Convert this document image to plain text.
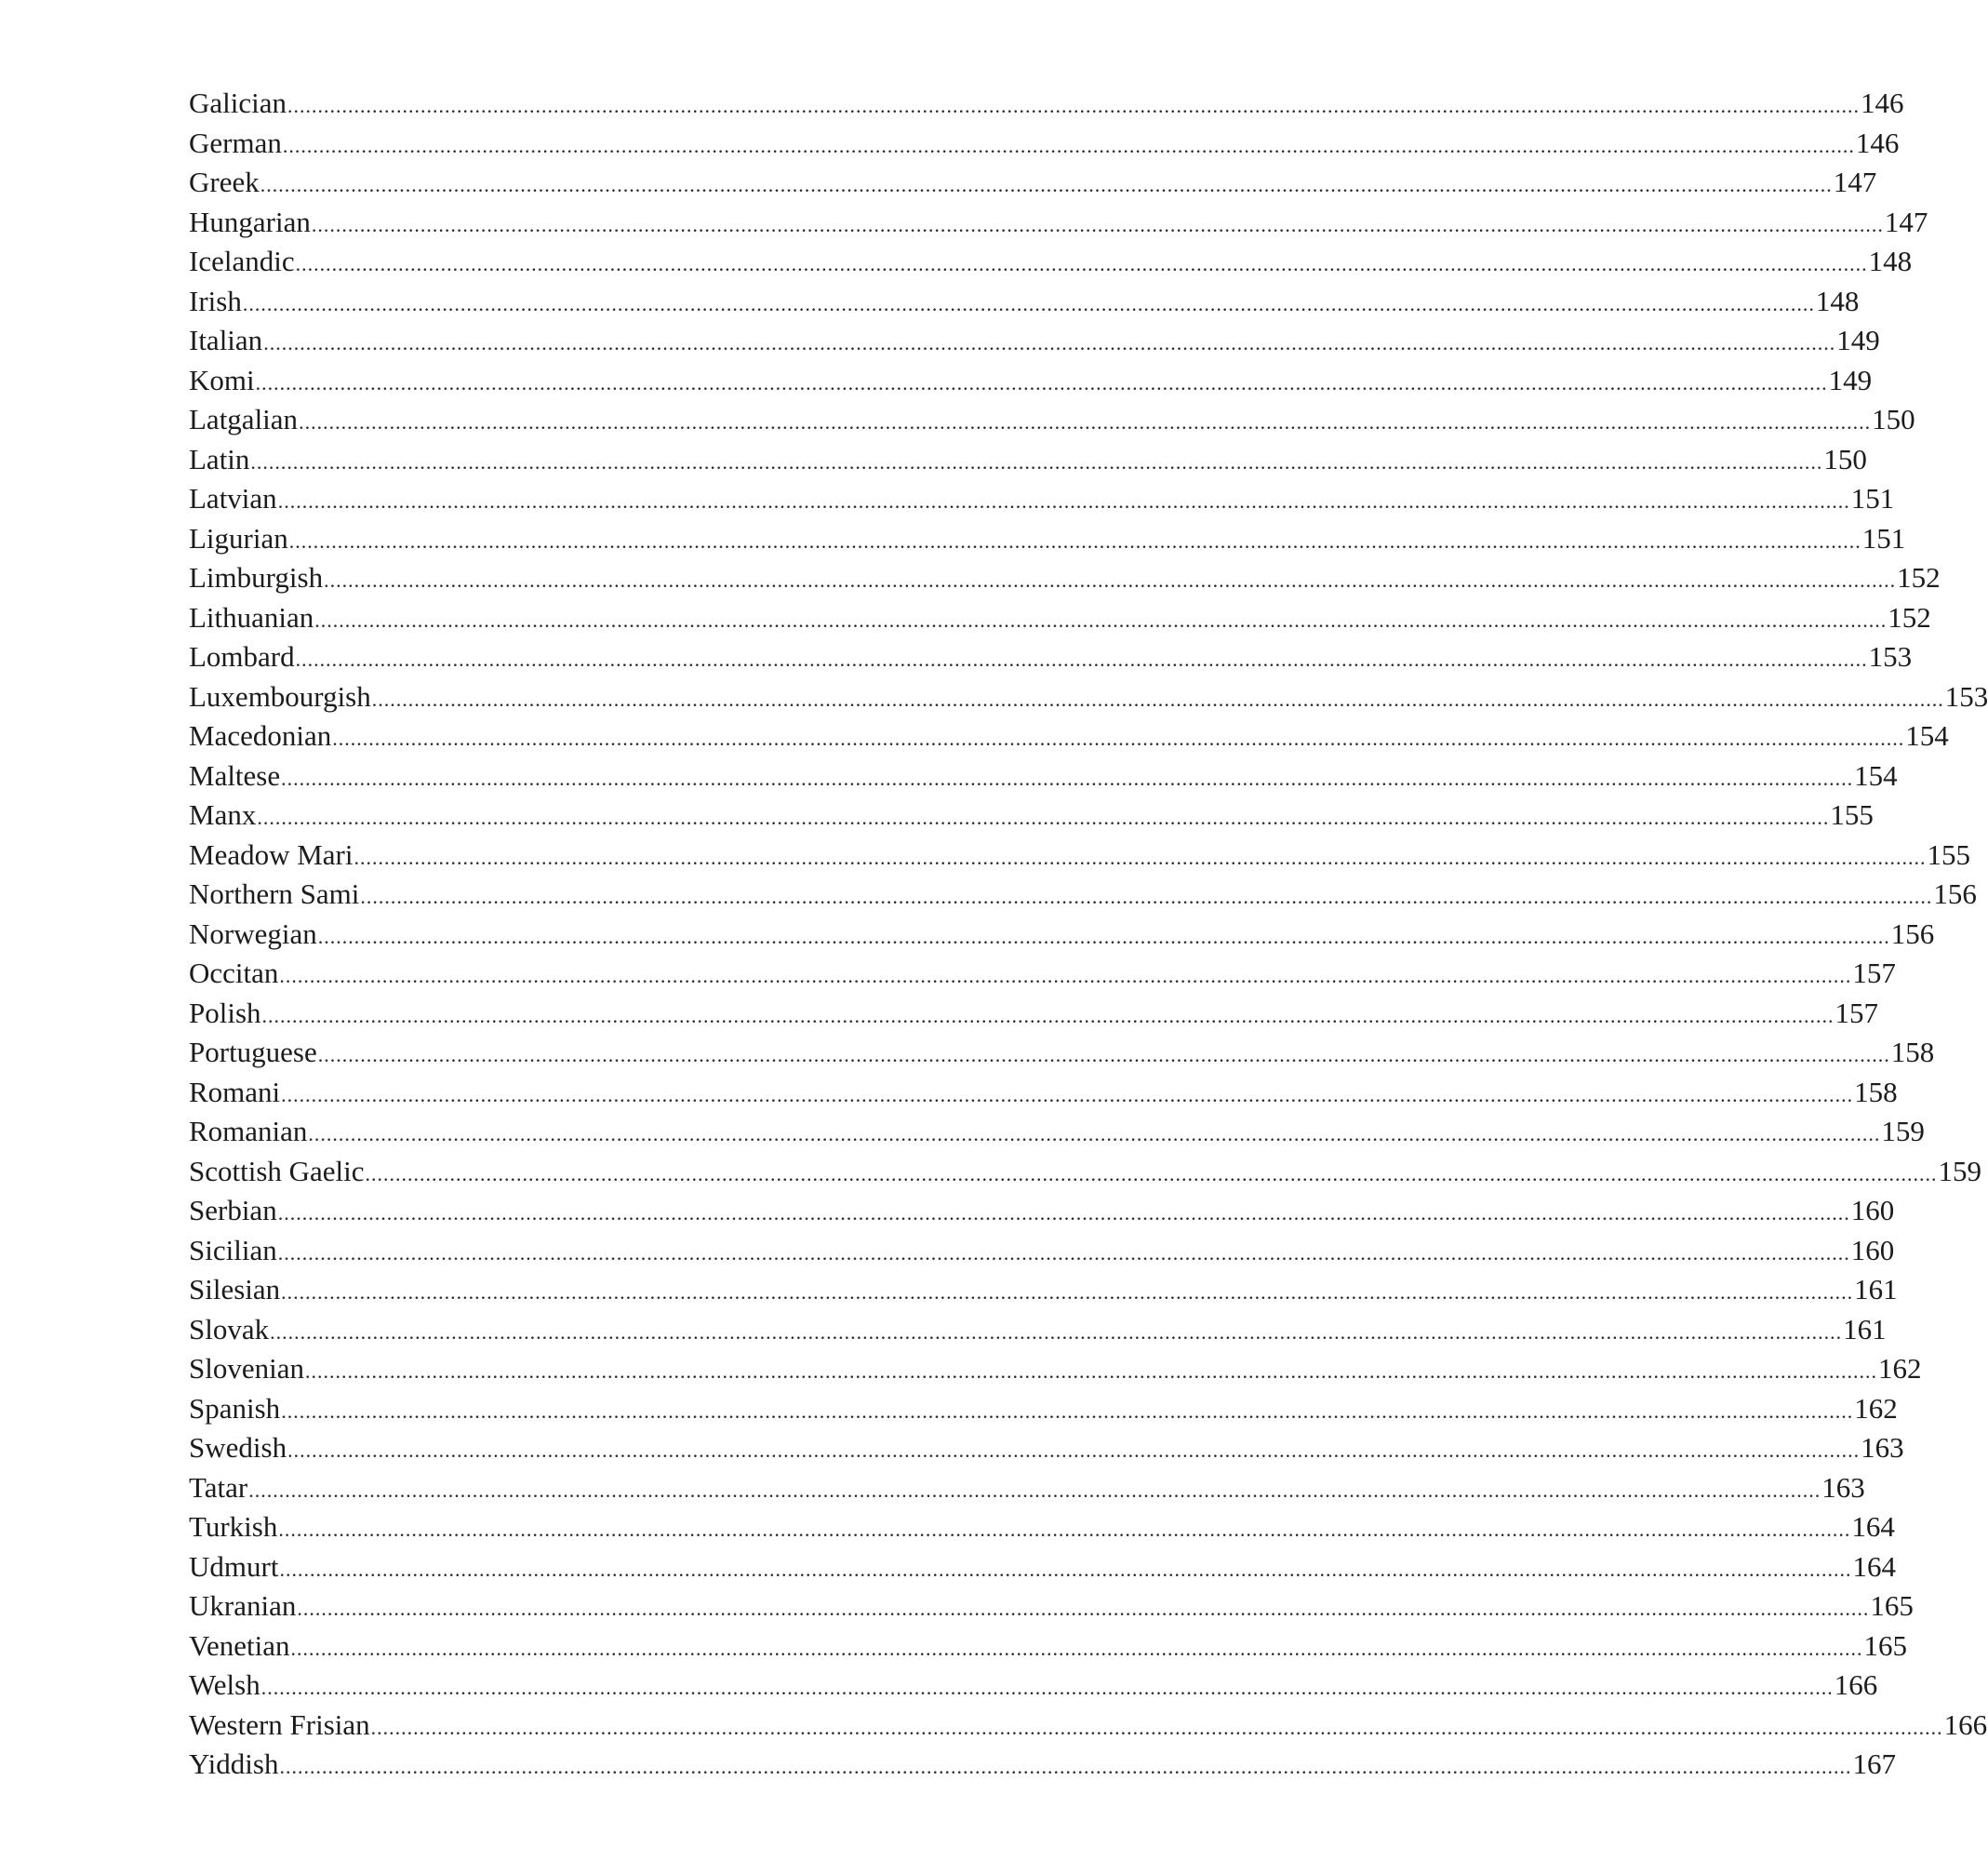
Galician .................................................................................................................................................................................................................................................................... 146
German .................................................................................................................................................................................................................................................................... 146
Greek .................................................................................................................................................................................................................................................................... 147
Hungarian .................................................................................................................................................................................................................................................................... 147
Icelandic .................................................................................................................................................................................................................................................................... 148
Irish .................................................................................................................................................................................................................................................................... 148
Italian .................................................................................................................................................................................................................................................................... 149
Komi .................................................................................................................................................................................................................................................................... 149
Latgalian .................................................................................................................................................................................................................................................................... 150
Latin .................................................................................................................................................................................................................................................................... 150
Latvian .................................................................................................................................................................................................................................................................... 151
Ligurian .................................................................................................................................................................................................................................................................... 151
Limburgish .................................................................................................................................................................................................................................................................... 152
Lithuanian .................................................................................................................................................................................................................................................................... 152
Lombard .................................................................................................................................................................................................................................................................... 153
Luxembourgish .................................................................................................................................................................................................................................................................... 153
Macedonian .................................................................................................................................................................................................................................................................... 154
Maltese .................................................................................................................................................................................................................................................................... 154
Manx .................................................................................................................................................................................................................................................................... 155
Meadow Mari .................................................................................................................................................................................................................................................................... 155
Northern Sami .................................................................................................................................................................................................................................................................... 156
Norwegian .................................................................................................................................................................................................................................................................... 156
Occitan .................................................................................................................................................................................................................................................................... 157
Polish .................................................................................................................................................................................................................................................................... 157
Portuguese .................................................................................................................................................................................................................................................................... 158
Romani .................................................................................................................................................................................................................................................................... 158
Romanian .................................................................................................................................................................................................................................................................... 159
Scottish Gaelic .................................................................................................................................................................................................................................................................... 159
Serbian .................................................................................................................................................................................................................................................................... 160
Sicilian .................................................................................................................................................................................................................................................................... 160
Silesian .................................................................................................................................................................................................................................................................... 161
Slovak .................................................................................................................................................................................................................................................................... 161
Slovenian .................................................................................................................................................................................................................................................................... 162
Spanish .................................................................................................................................................................................................................................................................... 162
Swedish .................................................................................................................................................................................................................................................................... 163
Tatar .................................................................................................................................................................................................................................................................... 163
Turkish .................................................................................................................................................................................................................................................................... 164
Udmurt .................................................................................................................................................................................................................................................................... 164
Ukranian .................................................................................................................................................................................................................................................................... 165
Venetian .................................................................................................................................................................................................................................................................... 165
Welsh .................................................................................................................................................................................................................................................................... 166
Western Frisian .................................................................................................................................................................................................................................................................... 166
Yiddish .................................................................................................................................................................................................................................................................... 167
